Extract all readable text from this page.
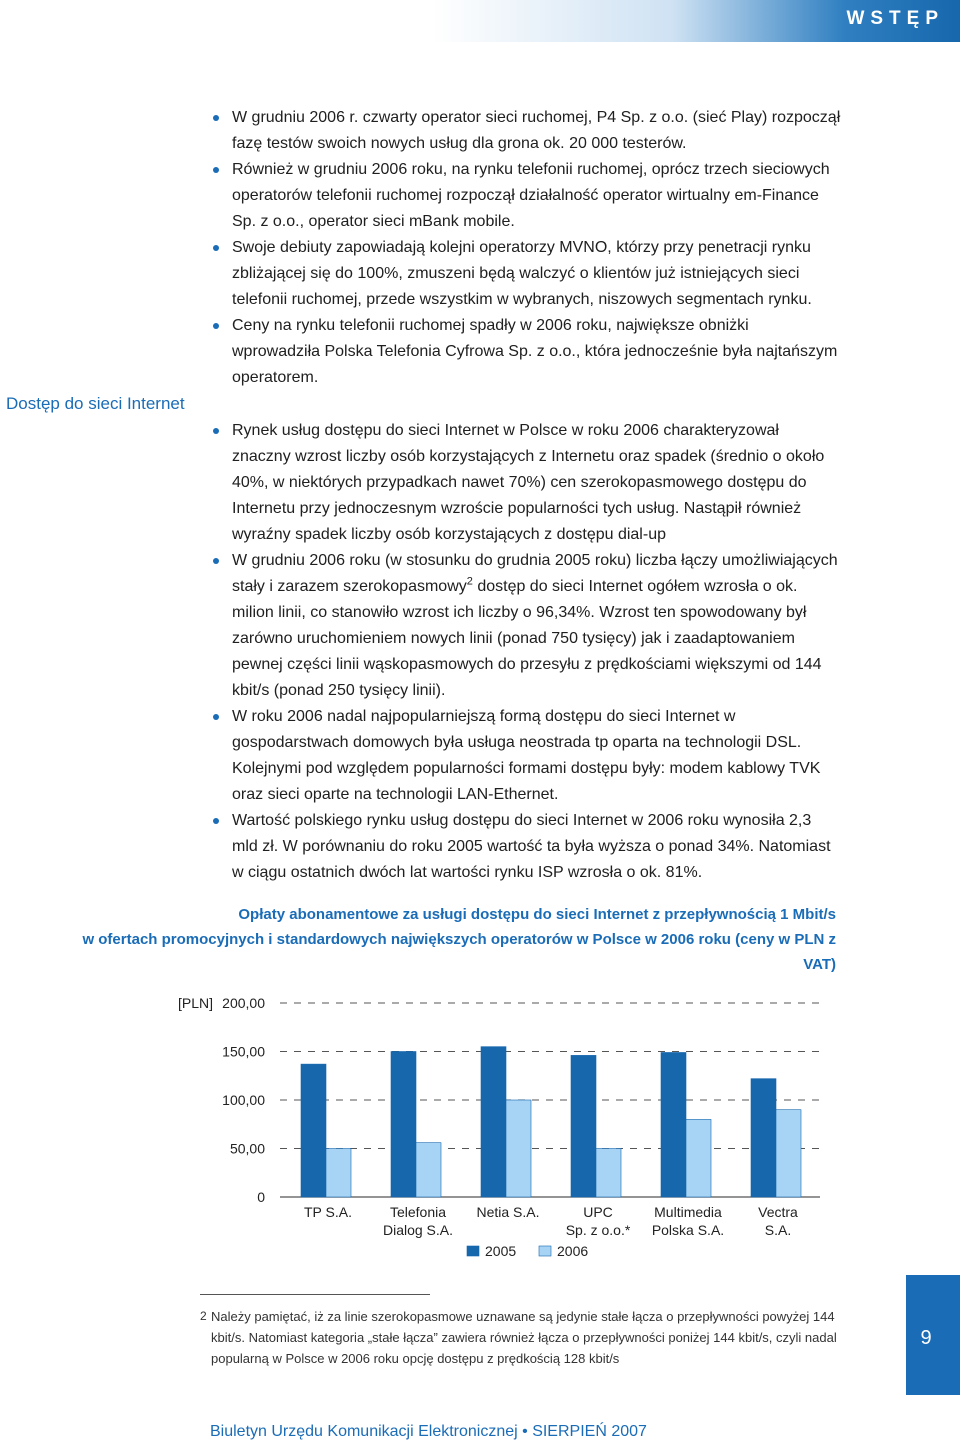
WSTĘP
W grudniu 2006 r. czwarty operator sieci ruchomej, P4 Sp. z o.o. (sieć Play) rozpoczął fazę testów swoich nowych usług dla grona ok. 20 000 testerów.
Również w grudniu 2006 roku, na rynku telefonii ruchomej, oprócz trzech sieciowych operatorów telefonii ruchomej rozpoczął działalność operator wirtualny em-Finance Sp. z o.o., operator sieci mBank mobile.
Swoje debiuty zapowiadają kolejni operatorzy MVNO, którzy przy penetracji rynku zbliżającej się do 100%, zmuszeni będą walczyć o klientów już istniejących sieci telefonii ruchomej, przede wszystkim w wybranych, niszowych segmentach rynku.
Ceny na rynku telefonii ruchomej spadły w 2006 roku, największe obniżki wprowadziła Polska Telefonia Cyfrowa Sp. z o.o., która jednocześnie była najtańszym operatorem.
Dostęp do sieci Internet
Rynek usług dostępu do sieci Internet w Polsce w roku 2006 charakteryzował znaczny wzrost liczby osób korzystających z Internetu oraz spadek (średnio o około 40%, w niektórych przypadkach nawet 70%) cen szerokopasmowego dostępu do Internetu przy jednoczesnym wzroście popularności tych usług. Nastąpił również wyraźny spadek liczby osób korzystających z dostępu dial-up
W grudniu 2006 roku (w stosunku do grudnia 2005 roku) liczba łączy umożliwiających stały i zarazem szerokopasmowy$^2$ dostęp do sieci Internet ogółem wzrosła o ok. milion linii, co stanowiło wzrost ich liczby o 96,34%. Wzrost ten spowodowany był zarówno uruchomieniem nowych linii (ponad 750 tysięcy) jak i zaadaptowaniem pewnej części linii wąskopasmowych do przesyłu z prędkościami większymi od 144 kbit/s (ponad 250 tysięcy linii).
W roku 2006 nadal najpopularniejszą formą dostępu do sieci Internet w gospodarstwach domowych była usługa neostrada tp oparta na technologii DSL. Kolejnymi pod względem popularności formami dostępu były: modem kablowy TVK oraz sieci oparte na technologii LAN-Ethernet.
Wartość polskiego rynku usług dostępu do sieci Internet w 2006 roku wynosiła 2,3 mld zł. W porównaniu do roku 2005 wartość ta była wyższa o ponad 34%. Natomiast w ciągu ostatnich dwóch lat wartości rynku ISP wzrosła o ok. 81%.
Opłaty abonamentowe za usługi dostępu do sieci Internet z przepływnością 1 Mbit/s
w ofertach promocyjnych i standardowych największych operatorów w Polsce w 2006 roku (ceny w PLN z VAT)
0
50,00
100,00
150,00
200,00
[PLN]
TP S.A.	Telefonia
Dialog S.A.
Netia S.A.	UPC
Sp. z o.o.*
Multimedia
Polska S.A.
Vectra
S.A.
2005	2006

2 Należy pamiętać, iż za linie szerokopasmowe uznawane są jedynie stałe łącza o przepływności powyżej 144 kbit/s. Natomiast kategoria „stałe łącza” zawiera również łącza o przepływności poniżej 144 kbit/s, czyli nadal popularną w Polsce w 2006 roku opcję dostępu z prędkością 128 kbit/s

9

Biuletyn Urzędu Komunikacji Elektronicznej • SIERPIEŃ 2007
